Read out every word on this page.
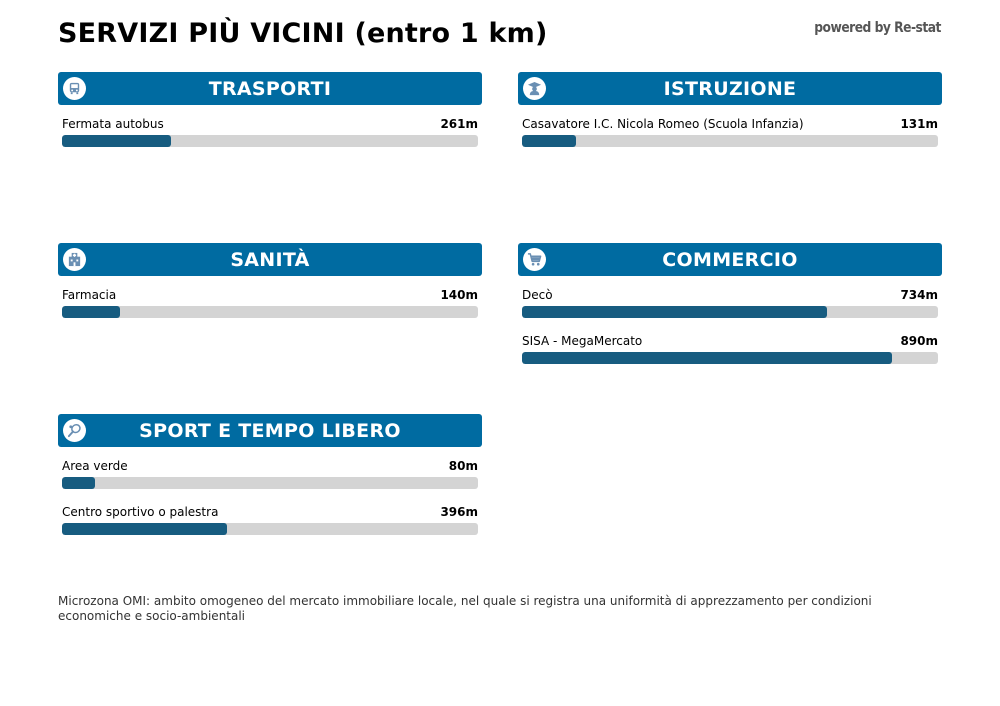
SERVIZI PIÙ VICINI (entro 1 km)	powered by Re-stat
TRASPORTI
Fermata autobus	261m
ISTRUZIONE
Casavatore I.C. Nicola Romeo (Scuola Infanzia)	131m
SANITÀ
Farmacia	140m
COMMERCIO
Decò	734m
SISA - MegaMercato	890m
SPORT E TEMPO LIBERO
Area verde	80m
Centro sportivo o palestra	396m
Microzona OMI: ambito omogeneo del mercato immobiliare locale, nel quale si registra una uniformità di apprezzamento per condizioni economiche e socio-ambientali
